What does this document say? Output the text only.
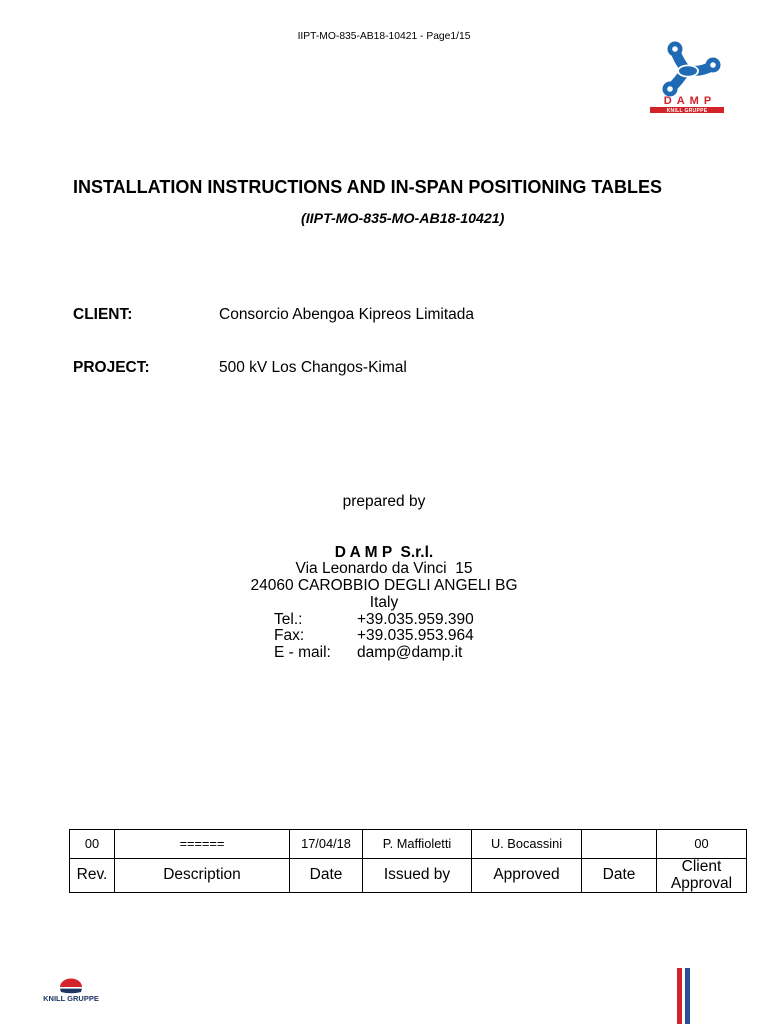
IIPT-MO-835-AB18-10421 - Page1/15

DAMP
KNILL GRUPPE
INSTALLATION INSTRUCTIONS AND IN-SPAN POSITIONING TABLES

(IIPT-MO-835-MO-AB18-10421)

CLIENT:	Consorcio Abengoa Kipreos Limitada

PROJECT:	500 kV Los Changos-Kimal

prepared by

D A M P  S.r.l.

Via Leonardo da Vinci  15

24060 CAROBBIO DEGLI ANGELI BG

Italy

Tel.:	+39.035.959.390

Fax:	+39.035.953.964

E - mail: damp@damp.it

00	======	17/04/18	P. Maffioletti	U. Bocassini		00
Rev.	Description	Date	Issued by	Approved	Date	Client Approval
KNILL GRUPPE
